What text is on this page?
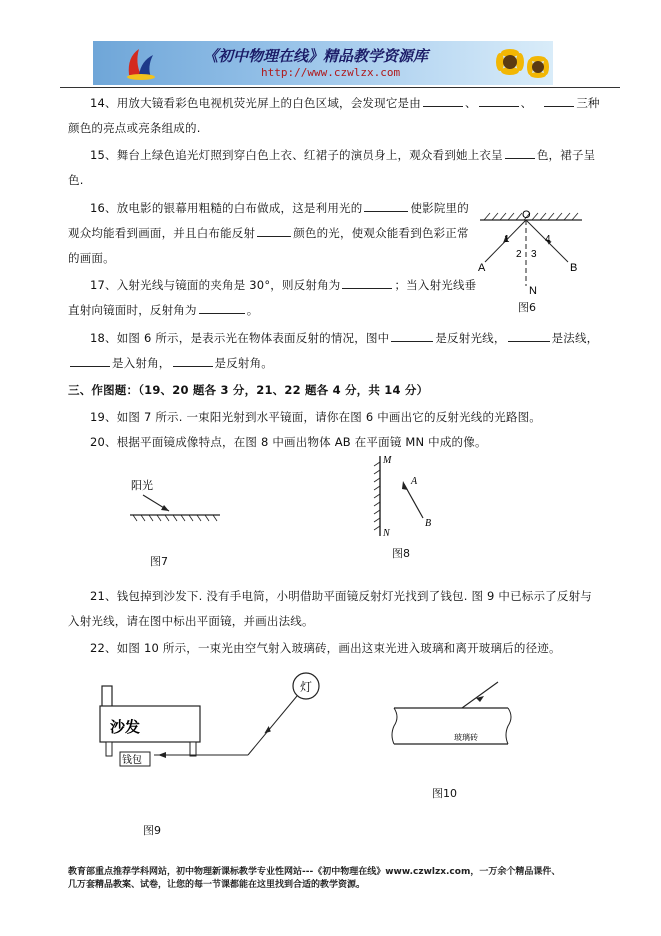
《初中物理在线》精品教学资源库
http://www.czwlzx.com
14、用放大镜看彩色电视机荧光屏上的白色区域，会发现它是由	、	、	三种
颜色的亮点或亮条组成的.
15、舞台上绿色追光灯照到穿白色上衣、红裙子的演员身上，观众看到她上衣呈	色，裙子呈
色.
16、放电影的银幕用粗糙的白布做成，这是利用光的	使影院里的
观众均能看到画面，并且白布能反射	颜色的光，使观众能看到色彩正常
的画面。
17、入射光线与镜面的夹角是 30°，则反射角为	；当入射光线垂
直射向镜面时，反射角为	。
O
1
2 3
4
A	B
N
图6
18、如图 6 所示，是表示光在物体表面反射的情况，图中	是反射光线，	是法线，
是入射角，	是反射角。
三、作图题：（19、20 题各 3 分，21、22 题各 4 分，共 14 分）
19、如图 7 所示. 一束阳光射到水平镜面，请你在图 6 中画出它的反射光线的光路图。
20、根据平面镜成像特点，在图 8 中画出物体 AB 在平面镜 MN 中成的像。
阳光
图7
M
N
A
B
图8
21、钱包掉到沙发下. 没有手电筒，小明借助平面镜反射灯光找到了钱包. 图 9 中已标示了反射与
入射光线，请在图中标出平面镜，并画出法线。
22、如图 10 所示，一束光由空气射入玻璃砖，画出这束光进入玻璃和离开玻璃后的径迹。
沙发
钱包
灯
图9
玻璃砖
图10
教育部重点推荐学科网站，初中物理新课标教学专业性网站---《初中物理在线》www.czwlzx.com，一万余个精品课件、
几万套精品教案、试卷，让您的每一节课都能在这里找到合适的教学资源。
